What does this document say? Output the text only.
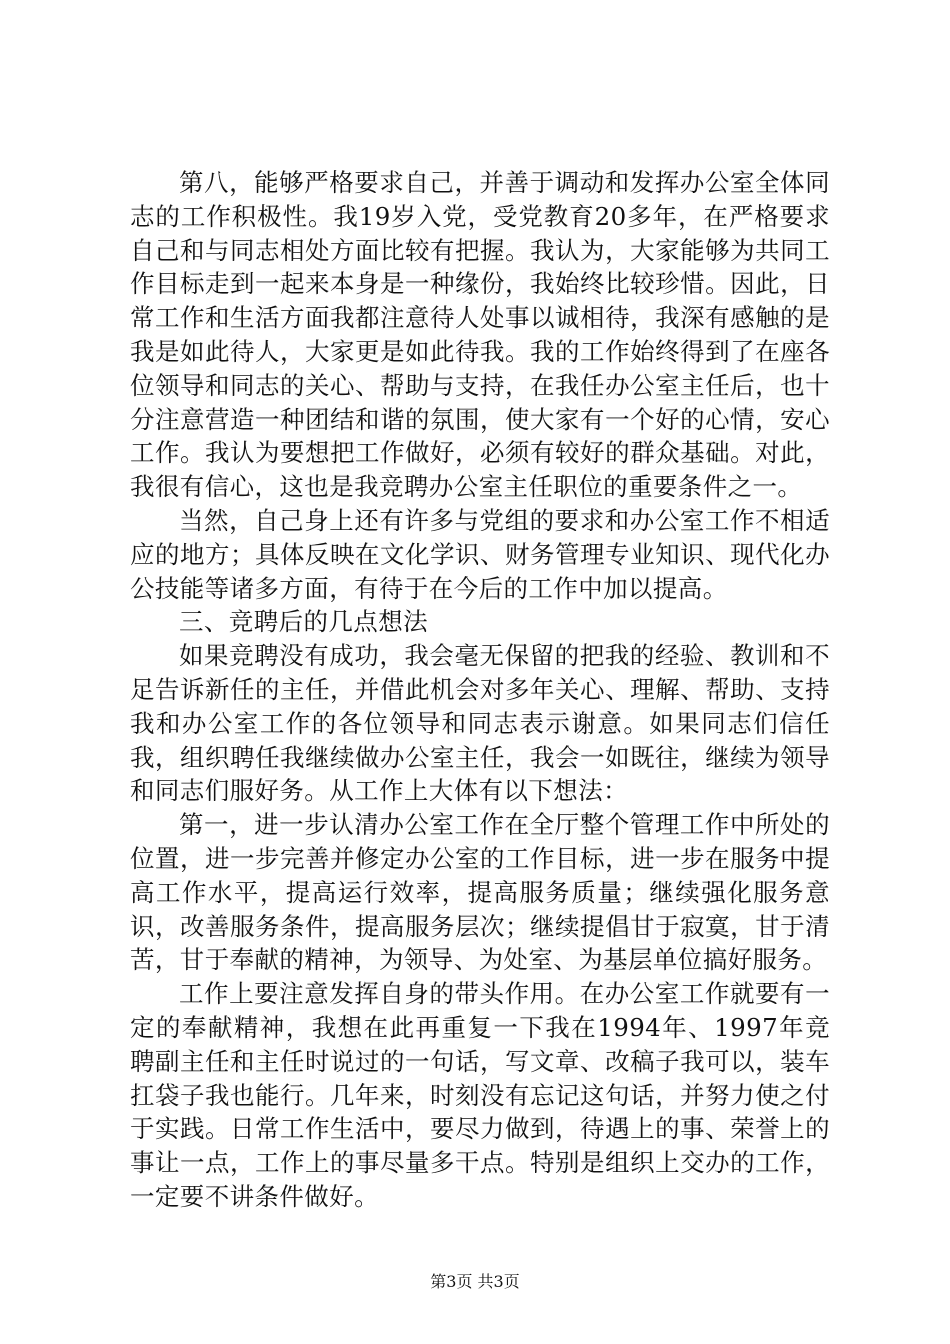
第八，能够严格要求自己，并善于调动和发挥办公室全体同志的工作积极性。我19岁入党，受党教育20多年，在严格要求自己和与同志相处方面比较有把握。我认为，大家能够为共同工作目标走到一起来本身是一种缘份，我始终比较珍惜。因此，日常工作和生活方面我都注意待人处事以诚相待，我深有感触的是我是如此待人，大家更是如此待我。我的工作始终得到了在座各位领导和同志的关心、帮助与支持，在我任办公室主任后，也十分注意营造一种团结和谐的氛围，使大家有一个好的心情，安心工作。我认为要想把工作做好，必须有较好的群众基础。对此，我很有信心，这也是我竞聘办公室主任职位的重要条件之一。

当然，自己身上还有许多与党组的要求和办公室工作不相适应的地方；具体反映在文化学识、财务管理专业知识、现代化办公技能等诸多方面，有待于在今后的工作中加以提高。

三、竞聘后的几点想法

如果竞聘没有成功，我会毫无保留的把我的经验、教训和不足告诉新任的主任，并借此机会对多年关心、理解、帮助、支持我和办公室工作的各位领导和同志表示谢意。如果同志们信任我，组织聘任我继续做办公室主任，我会一如既往，继续为领导和同志们服好务。从工作上大体有以下想法：

第一，进一步认清办公室工作在全厅整个管理工作中所处的位置，进一步完善并修定办公室的工作目标，进一步在服务中提高工作水平，提高运行效率，提高服务质量；继续强化服务意识，改善服务条件，提高服务层次；继续提倡甘于寂寞，甘于清苦，甘于奉献的精神，为领导、为处室、为基层单位搞好服务。

工作上要注意发挥自身的带头作用。在办公室工作就要有一定的奉献精神，我想在此再重复一下我在1994年、1997年竞聘副主任和主任时说过的一句话，写文章、改稿子我可以，装车扛袋子我也能行。几年来，时刻没有忘记这句话，并努力使之付于实践。日常工作生活中，要尽力做到，待遇上的事、荣誉上的事让一点，工作上的事尽量多干点。特别是组织上交办的工作，一定要不讲条件做好。

第3页 共3页
